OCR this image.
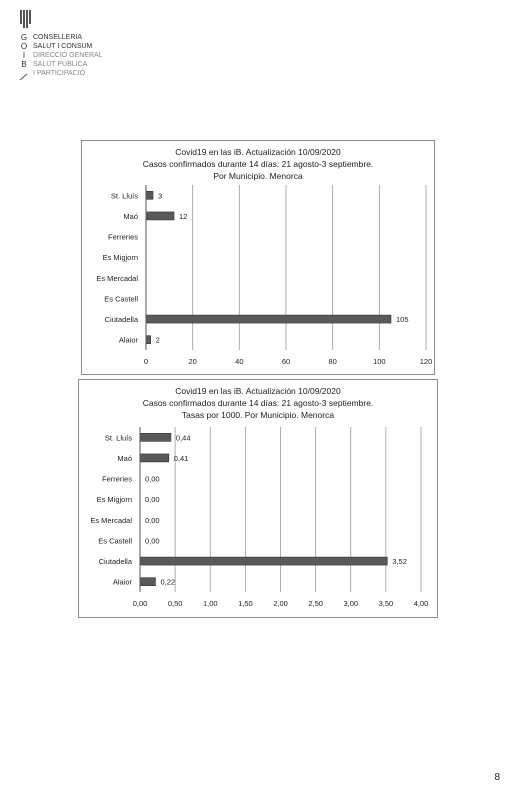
G
O
I
B
CONSELLERIA
SALUT I CONSUM
DIRECCIÓ GENERAL
SALUT PÚBLICA
I PARTICIPACIÓ
Covid19 en las iB. Actualización 10/09/2020
Casos confirmados durante 14 días: 21 agosto-3 septiembre.
Por Municipio. Menorca
0	20	40	60	80	100	120
St. Lluís	3
Maó	12
Ferreries
Es Migjorn
Es Mercadal
Es Castell
Ciutadella	105
Alaior 2
Covid19 en las iB. Actualización 10/09/2020
Casos confirmados durante 14 días: 21 agosto-3 septiembre.
Tasas por 1000. Por Municipio. Menorca
0,00	0,50	1,00	1,50	2,00	2,50	3,00	3,50	4,00
St. Lluís	0,44
Maó	0,41
Ferreries 0,00
Es Migjorn 0,00
Es Mercadal 0,00
Es Castell 0,00
Ciutadella	3,52
Alaior	0,22
8
